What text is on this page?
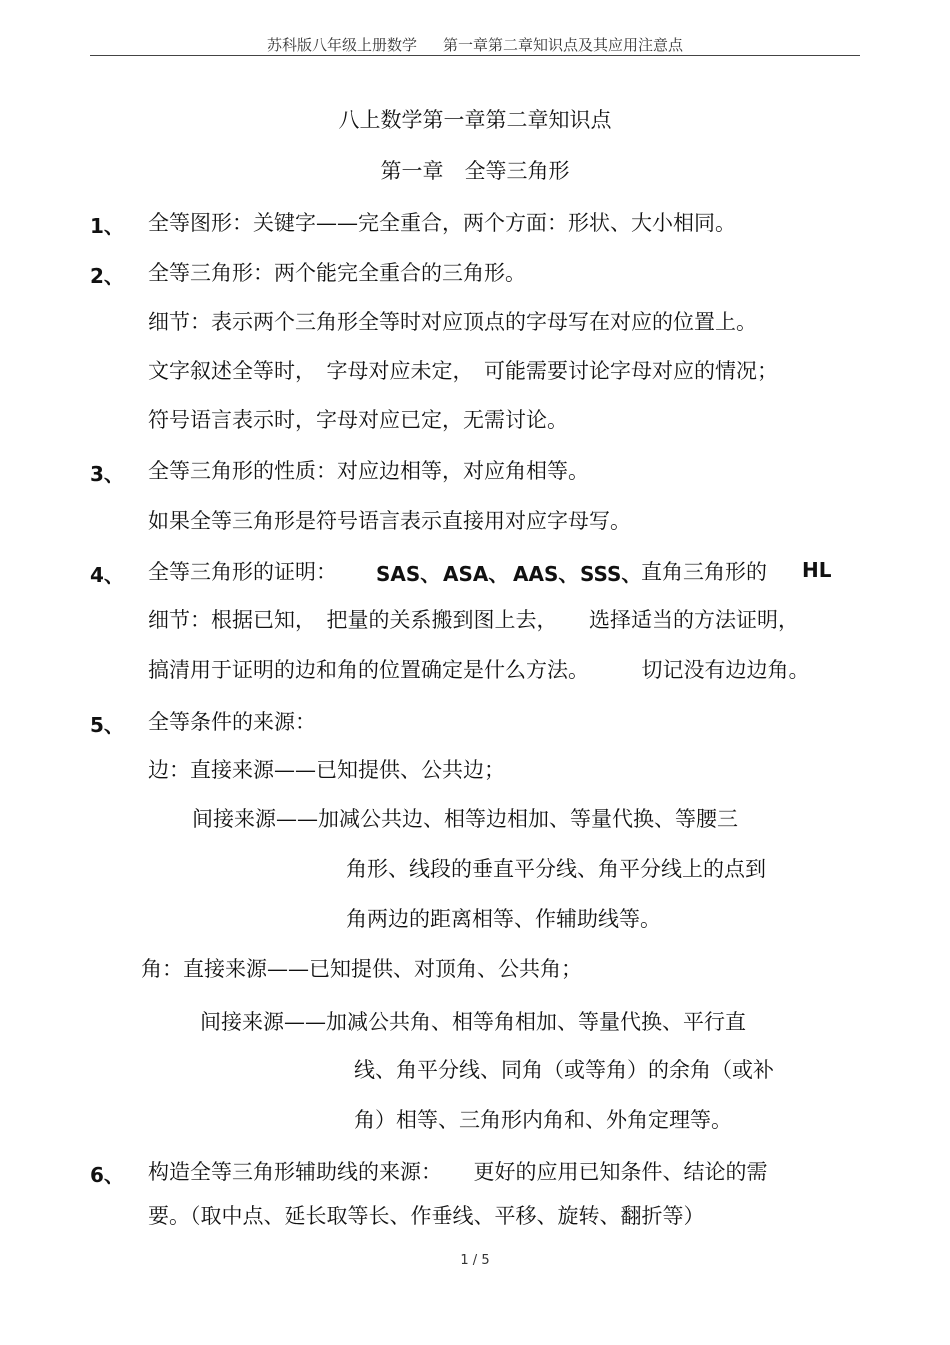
苏科版八年级上册数学 第一章第二章知识点及其应用注意点
八上数学第一章第二章知识点
第一章　全等三角形
1、 全等图形：关键字——完全重合，两个方面：形状、大小相同。
2、 全等三角形：两个能完全重合的三角形。
细节：表示两个三角形全等时对应顶点的字母写在对应的位置上。
文字叙述全等时，　字母对应未定，　可能需要讨论字母对应的情况；
符号语言表示时，字母对应已定，无需讨论。
3、 全等三角形的性质：对应边相等，对应角相等。
如果全等三角形是符号语言表示直接用对应字母写。
4、 全等三角形的证明： SAS、 ASA、 AAS、 SSS、 直角三角形的 HL
细节：根据已知，　把量的关系搬到图上去，　　选择适当的方法证明，
搞清用于证明的边和角的位置确定是什么方法。　　　切记没有边边角。
5、 全等条件的来源：
边：直接来源——已知提供、公共边；
间接来源——加减公共边、相等边相加、等量代换、等腰三
角形、线段的垂直平分线、角平分线上的点到
角两边的距离相等、作辅助线等。
角：直接来源——已知提供、对顶角、公共角；
间接来源——加减公共角、相等角相加、等量代换、平行直
线、角平分线、同角（或等角）的余角（或补
角）相等、三角形内角和、外角定理等。
6、 构造全等三角形辅助线的来源：　　更好的应用已知条件、结论的需
要。（取中点、延长取等长、作垂线、平移、旋转、翻折等）
1 / 5
